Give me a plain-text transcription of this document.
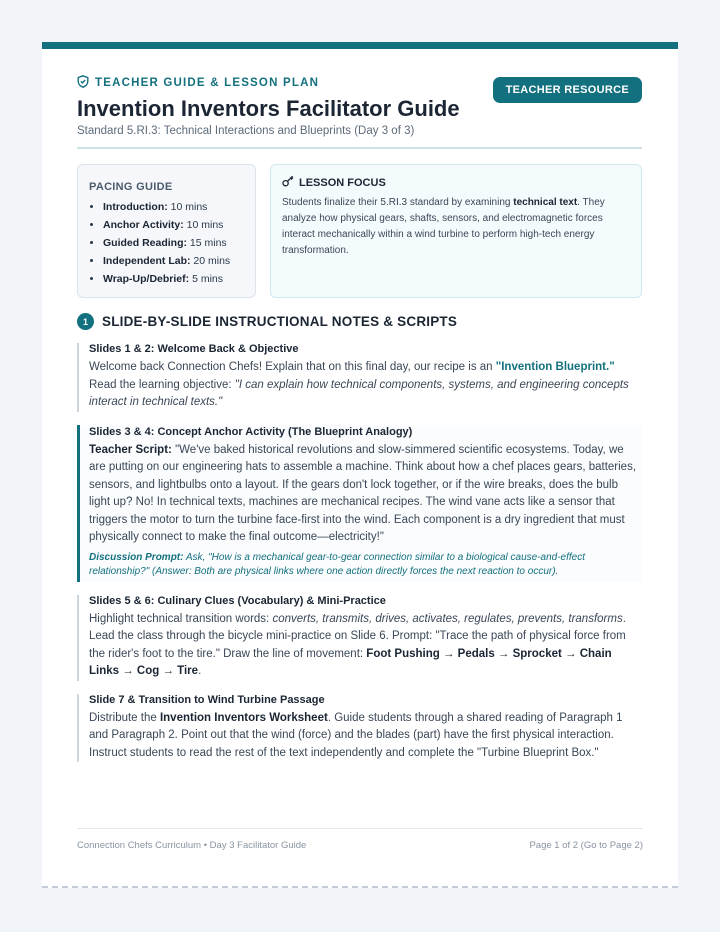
TEACHER GUIDE & LESSON PLAN
Invention Inventors Facilitator Guide
Standard 5.RI.3: Technical Interactions and Blueprints (Day 3 of 3)
TEACHER RESOURCE
PACING GUIDE
• Introduction: 10 mins
• Anchor Activity: 10 mins
• Guided Reading: 15 mins
• Independent Lab: 20 mins
• Wrap-Up/Debrief: 5 mins
LESSON FOCUS
Students finalize their 5.RI.3 standard by examining technical text. They analyze how physical gears, shafts, sensors, and electromagnetic forces interact mechanically within a wind turbine to perform high-tech energy transformation.
1	SLIDE-BY-SLIDE INSTRUCTIONAL NOTES & SCRIPTS
Slides 1 & 2: Welcome Back & Objective
Welcome back Connection Chefs! Explain that on this final day, our recipe is an "Invention Blueprint." Read the learning objective: "I can explain how technical components, systems, and engineering concepts interact in technical texts."
Slides 3 & 4: Concept Anchor Activity (The Blueprint Analogy)
Teacher Script: "We've baked historical revolutions and slow-simmered scientific ecosystems. Today, we are putting on our engineering hats to assemble a machine. Think about how a chef places gears, batteries, sensors, and lightbulbs onto a layout. If the gears don't lock together, or if the wire breaks, does the bulb light up? No! In technical texts, machines are mechanical recipes. The wind vane acts like a sensor that triggers the motor to turn the turbine face-first into the wind. Each component is a dry ingredient that must physically connect to make the final outcome—electricity!"
Discussion Prompt: Ask, "How is a mechanical gear-to-gear connection similar to a biological cause-and-effect relationship?" (Answer: Both are physical links where one action directly forces the next reaction to occur).
Slides 5 & 6: Culinary Clues (Vocabulary) & Mini-Practice
Highlight technical transition words: converts, transmits, drives, activates, regulates, prevents, transforms. Lead the class through the bicycle mini-practice on Slide 6. Prompt: "Trace the path of physical force from the rider's foot to the tire." Draw the line of movement: Foot Pushing → Pedals → Sprocket → Chain Links → Cog → Tire.
Slide 7 & Transition to Wind Turbine Passage
Distribute the Invention Inventors Worksheet. Guide students through a shared reading of Paragraph 1 and Paragraph 2. Point out that the wind (force) and the blades (part) have the first physical interaction. Instruct students to read the rest of the text independently and complete the "Turbine Blueprint Box."
Connection Chefs Curriculum • Day 3 Facilitator Guide	Page 1 of 2 (Go to Page 2)
